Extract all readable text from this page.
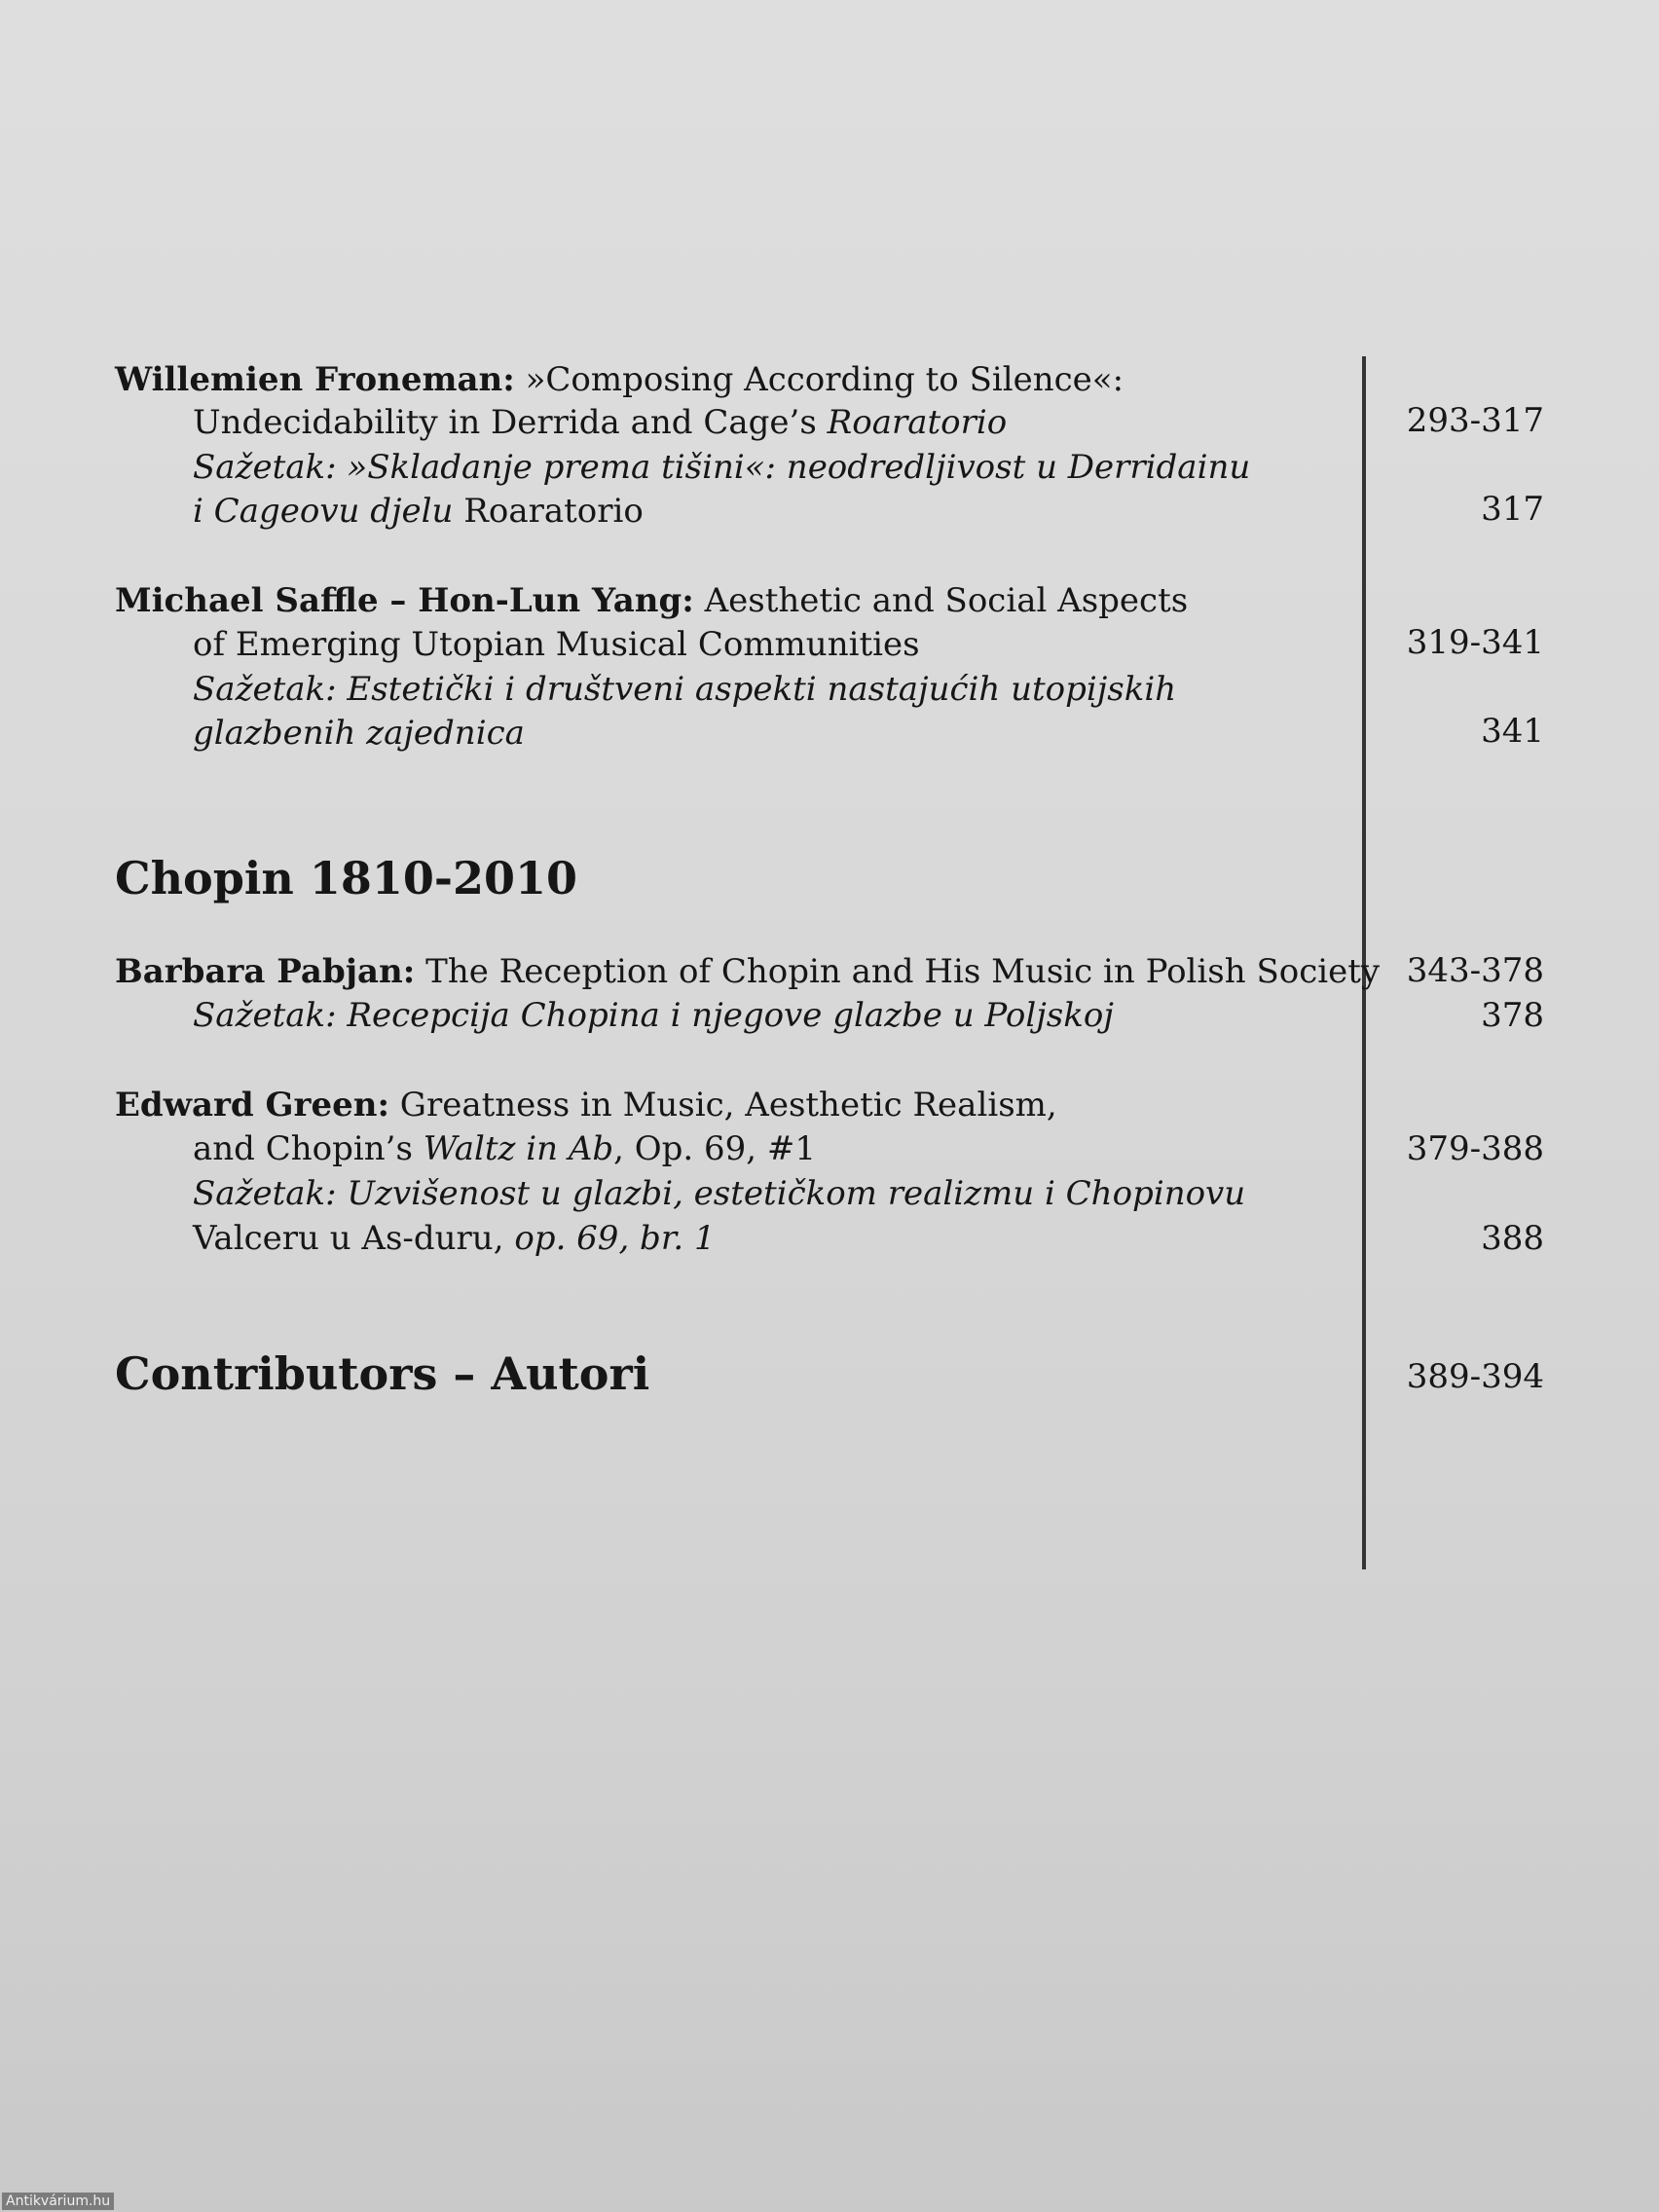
Willemien Froneman: »Composing According to Silence«:
Undecidability in Derrida and Cage’s Roaratorio	293-317
Sažetak: »Skladanje prema tišini«: neodredljivost u Derridainu
i Cageovu djelu Roaratorio	317
Michael Saffle – Hon-Lun Yang: Aesthetic and Social Aspects
of Emerging Utopian Musical Communities	319-341
Sažetak: Estetički i društveni aspekti nastajućih utopijskih
glazbenih zajednica	341
Chopin 1810-2010
Barbara Pabjan: The Reception of Chopin and His Music in Polish Society 343-378
Sažetak: Recepcija Chopina i njegove glazbe u Poljskoj	378
Edward Green: Greatness in Music, Aesthetic Realism,
and Chopin’s Waltz in Ab, Op. 69, #1	379-388
Sažetak: Uzvišenost u glazbi, estetičkom realizmu i Chopinovu
Valceru u As-duru, op. 69, br. 1	388
Contributors – Autori	389-394
Antikvárium.hu
